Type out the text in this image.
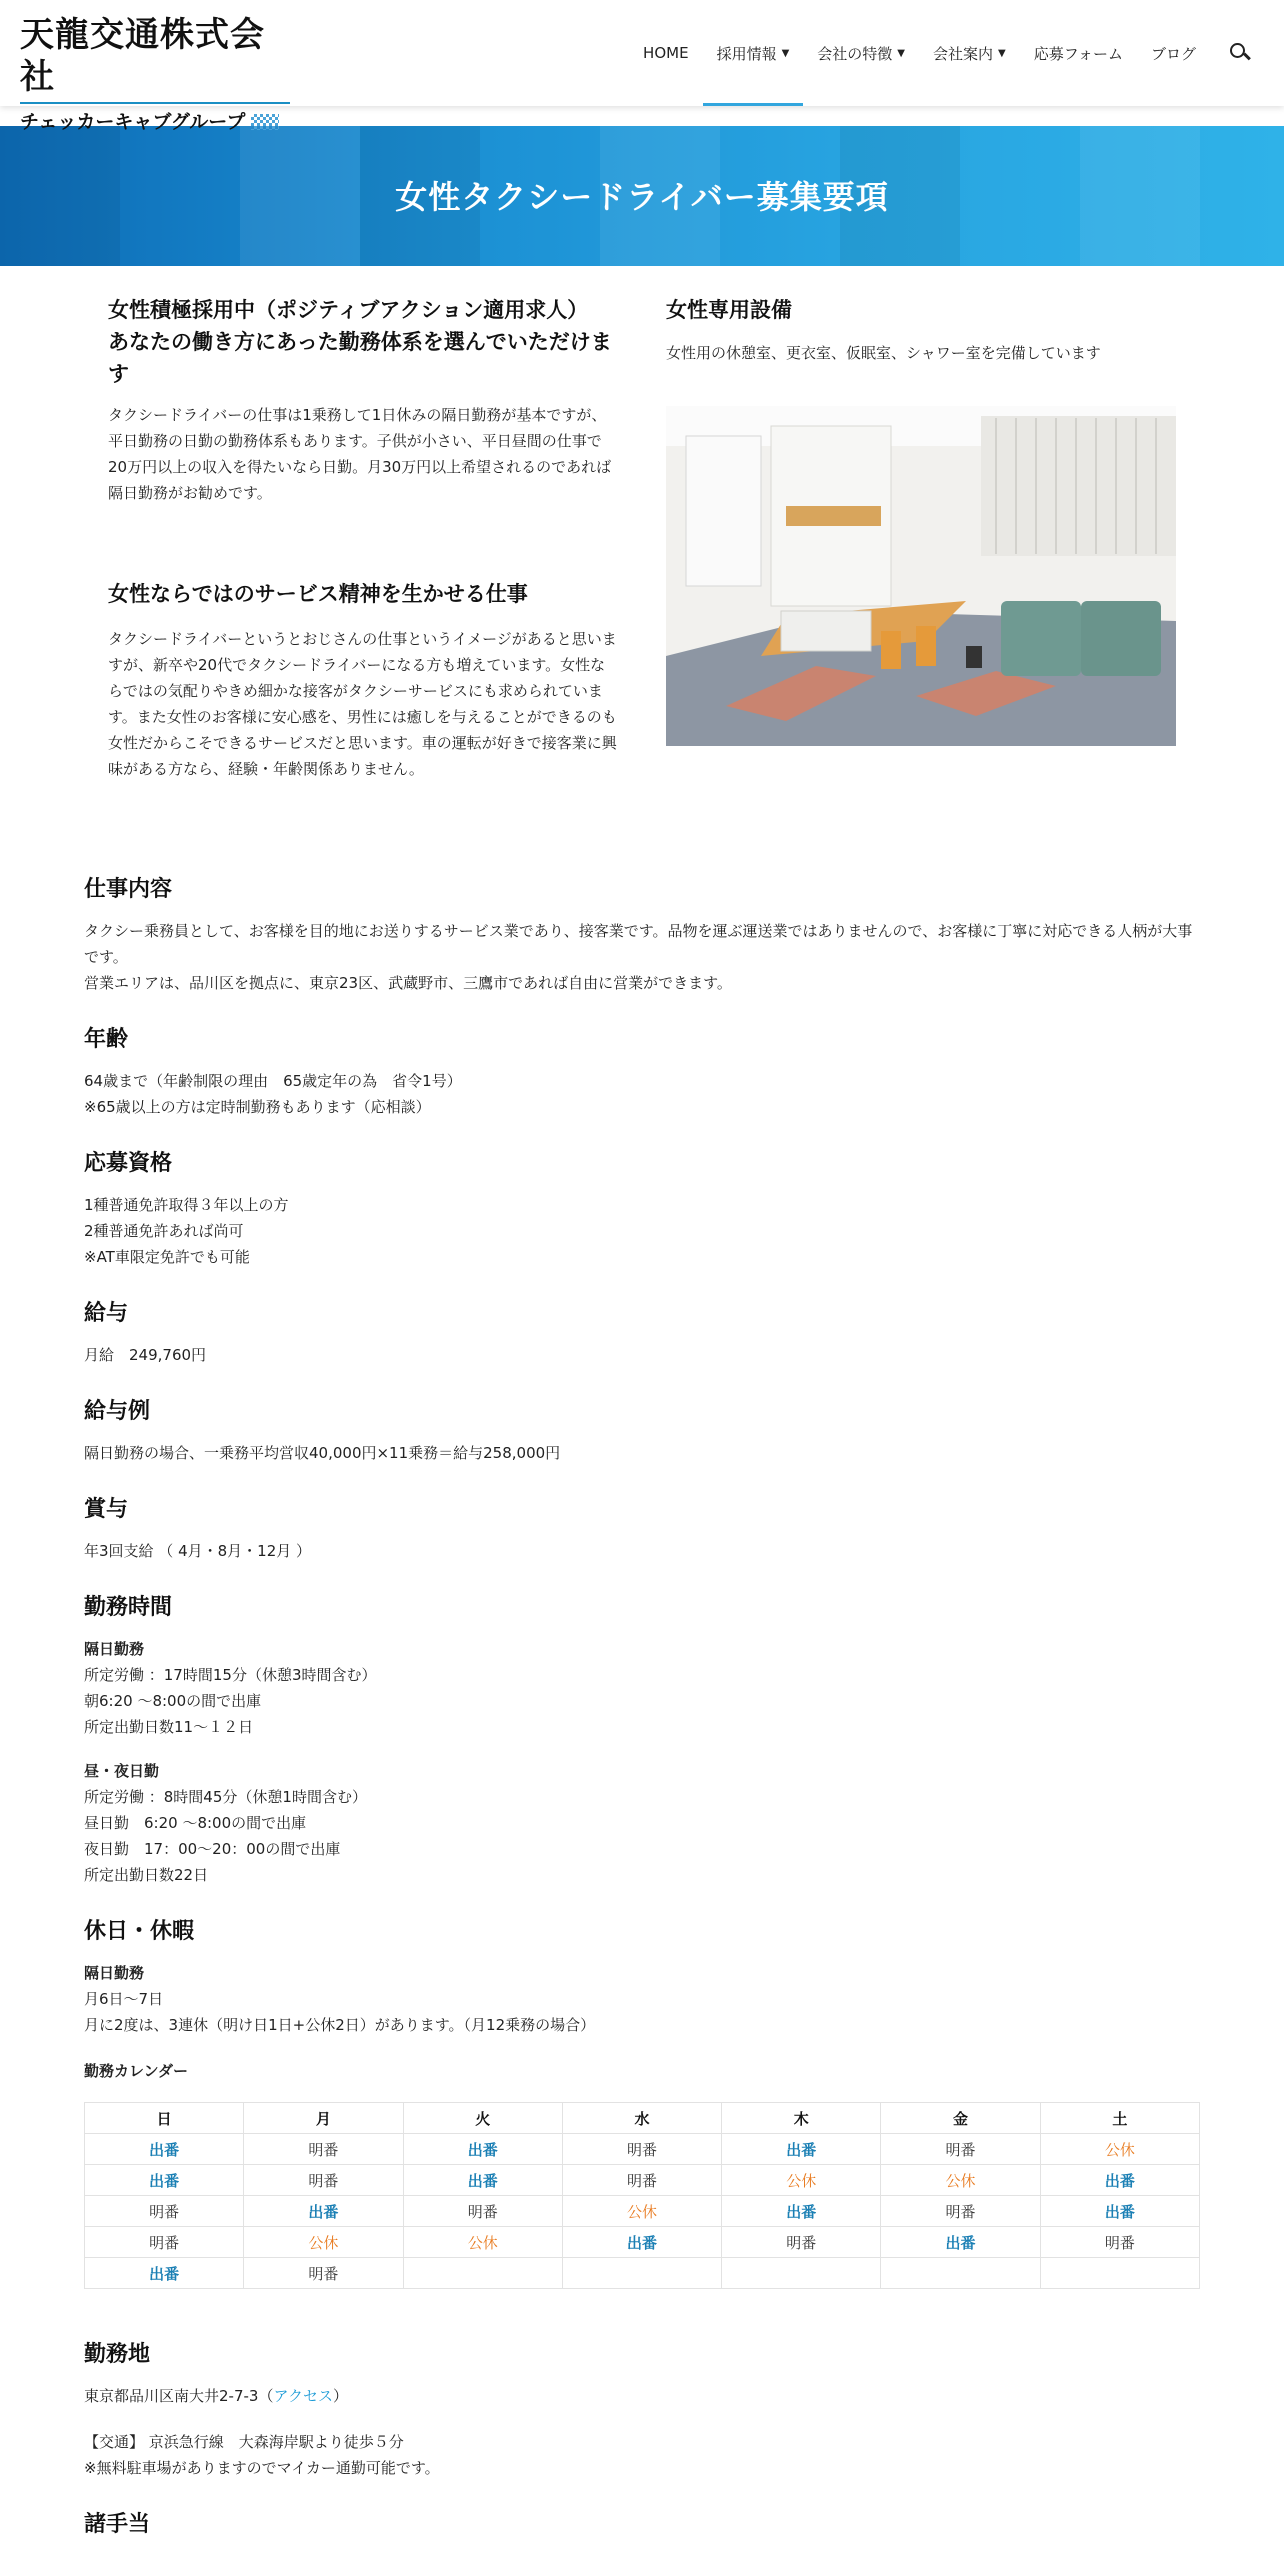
天龍交通株式会社
チェッカーキャブグループ
HOME 採用情報 ▼ 会社の特徴 ▼ 会社案内 ▼ 応募フォーム ブログ
女性タクシードライバー募集要項
女性積極採用中（ポジティブアクション適用求人）
あなたの働き方にあった勤務体系を選んでいただけます

タクシードライバーの仕事は1乗務して1日休みの隔日勤務が基本ですが、平日勤務の日勤の勤務体系もあります。子供が小さい、平日昼間の仕事で20万円以上の収入を得たいなら日勤。月30万円以上希望されるのであれば隔日勤務がお勧めです。

女性ならではのサービス精神を生かせる仕事

タクシードライバーというとおじさんの仕事というイメージがあると思いますが、新卒や20代でタクシードライバーになる方も増えています。女性ならではの気配りやきめ細かな接客がタクシーサービスにも求められています。また女性のお客様に安心感を、男性には癒しを与えることができるのも女性だからこそできるサービスだと思います。車の運転が好きで接客業に興味がある方なら、経験・年齢関係ありません。

女性専用設備

女性用の休憩室、更衣室、仮眠室、シャワー室を完備しています

仕事内容
タクシー乗務員として、お客様を目的地にお送りするサービス業であり、接客業です。品物を運ぶ運送業ではありませんので、お客様に丁寧に対応できる人柄が大事です。
営業エリアは、品川区を拠点に、東京23区、武蔵野市、三鷹市であれば自由に営業ができます。
年齢
64歳まで（年齢制限の理由　65歳定年の為　省令1号）
※65歳以上の方は定時制勤務もあります（応相談）
応募資格
1種普通免許取得３年以上の方
2種普通免許あれば尚可
※AT車限定免許でも可能
給与
月給　249,760円
給与例
隔日勤務の場合、一乗務平均営収40,000円×11乗務＝給与258,000円
賞与
年3回支給 （ 4月・8月・12月 ）
勤務時間
隔日勤務
所定労働 ：17時間15分（休憩3時間含む）
朝6:20 ～8:00の間で出庫
所定出勤日数11～１２日
昼・夜日勤
所定労働 ：8時間45分（休憩1時間含む）
昼日勤　6:20 ～8:00の間で出庫
夜日勤　17：00～20：00の間で出庫
所定出勤日数22日
休日・休暇
隔日勤務
月6日～7日
月に2度は、3連休（明け日1日+公休2日）があります。（月12乗務の場合）
勤務カレンダー
日	月	火	水	木	金	土
出番	明番	出番	明番	出番	明番	公休
出番	明番	出番	明番	公休	公休	出番
明番	出番	明番	公休	出番	明番	出番
明番	公休	公休	出番	明番	出番	明番
出番	明番					
勤務地
東京都品川区南大井2-7-3（アクセス）
【交通】 京浜急行線　大森海岸駅より徒歩５分
※無料駐車場がありますのでマイカー通勤可能です。
諸手当
